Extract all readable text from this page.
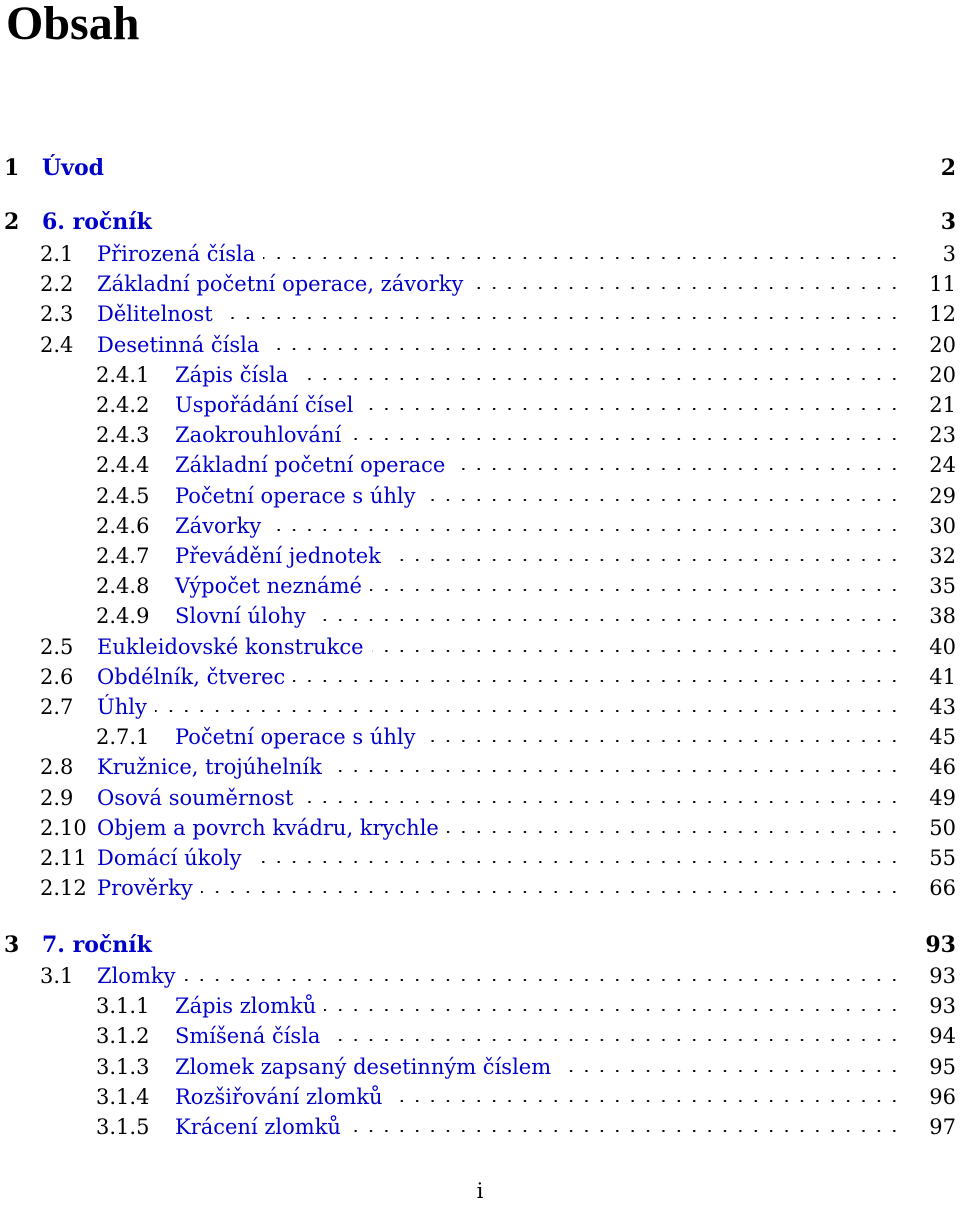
Obsah
1 Úvod	2
2 6. ročník	3
2.1 Přirozená čísla	3
2.2 Základní početní operace, závorky	11
2.3 Dělitelnost	12
2.4 Desetinná čísla	20
2.4.1 Zápis čísla	20
2.4.2 Uspořádání čísel	21
2.4.3 Zaokrouhlování	23
2.4.4 Základní početní operace	24
2.4.5 Početní operace s úhly	29
2.4.6 Závorky	30
2.4.7 Převádění jednotek	32
2.4.8 Výpočet neznámé	35
2.4.9 Slovní úlohy	38
2.5 Eukleidovské konstrukce	40
2.6 Obdélník, čtverec	41
2.7 Úhly	43
2.7.1 Početní operace s úhly	45
2.8 Kružnice, trojúhelník	46
2.9 Osová souměrnost	49
2.10 Objem a povrch kvádru, krychle	50
2.11 Domácí úkoly	55
2.12 Prověrky	66
3 7. ročník	93
3.1 Zlomky	93
3.1.1 Zápis zlomků	93
3.1.2 Smíšená čísla	94
3.1.3 Zlomek zapsaný desetinným číslem	95
3.1.4 Rozšiřování zlomků	96
3.1.5 Krácení zlomků	97
i
